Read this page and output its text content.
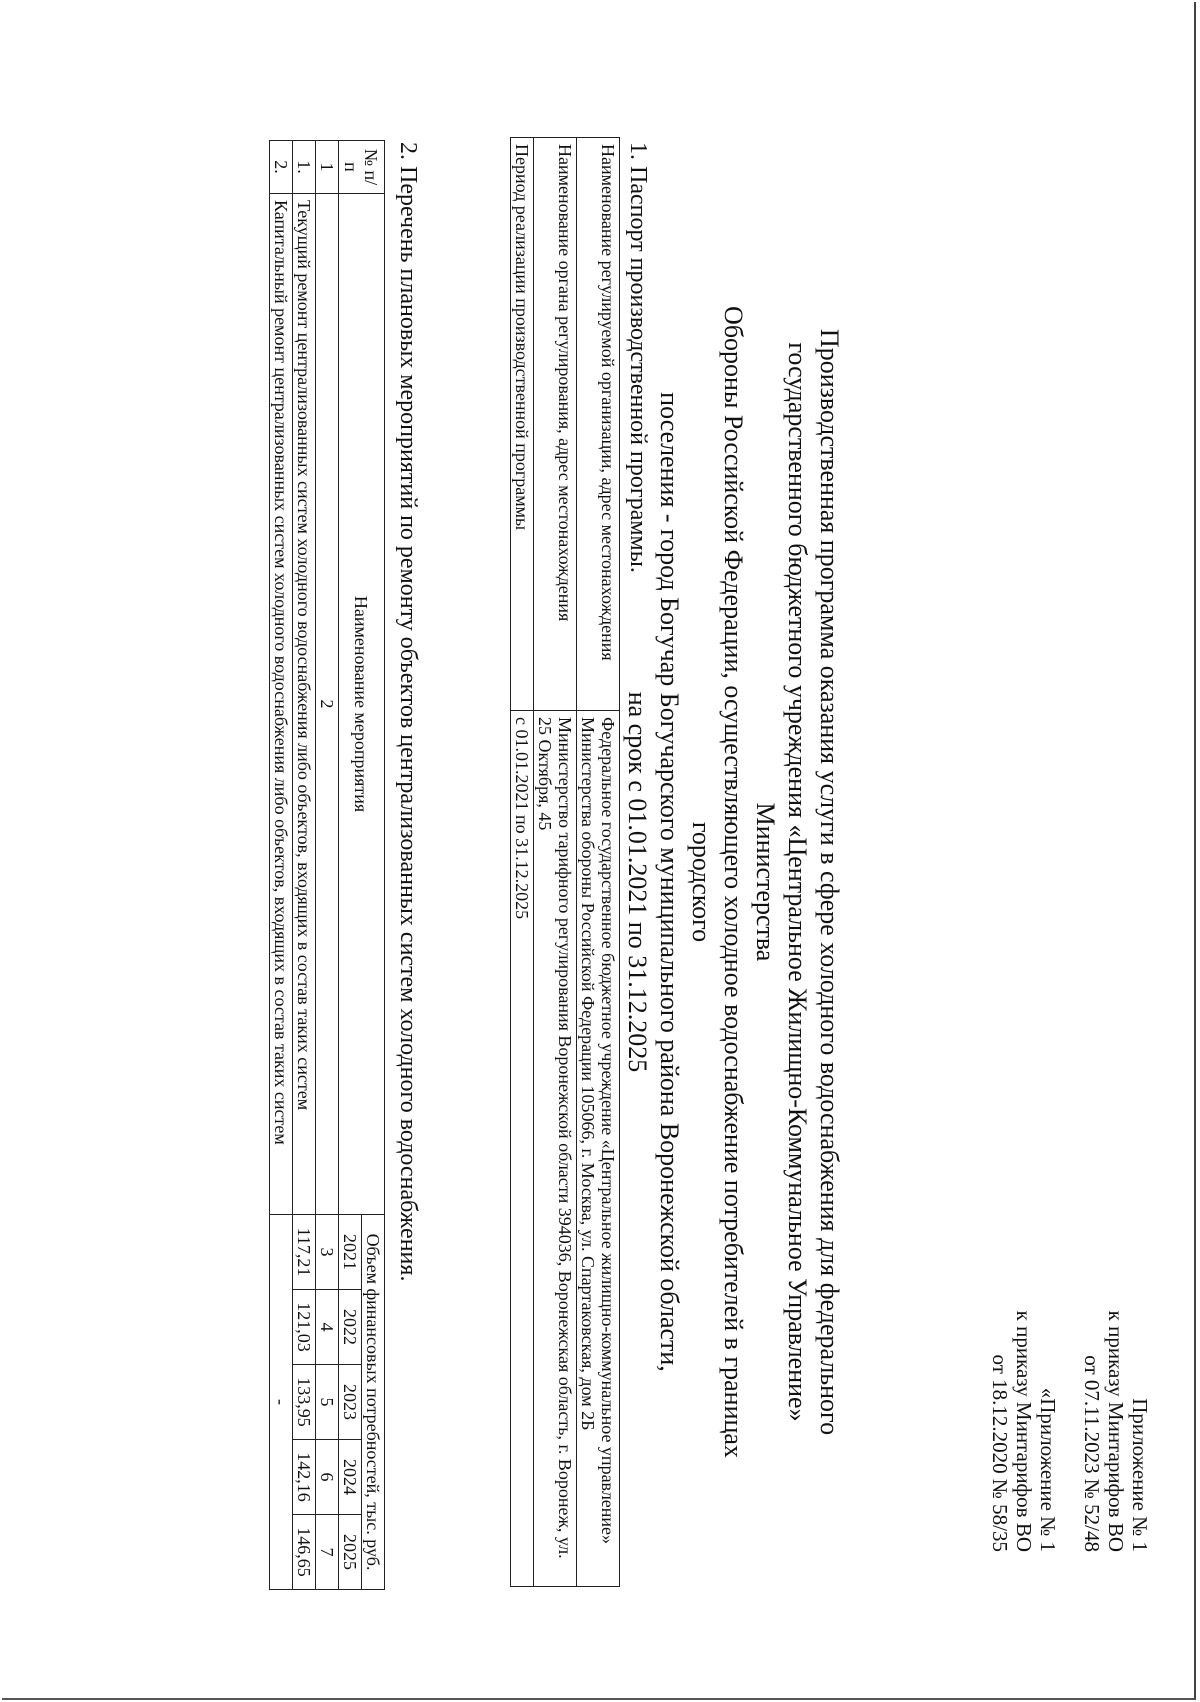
Приложение № 1
к приказу Минтарифов ВО
от 07.11.2023 № 52/48
«Приложение № 1
к приказу Минтарифов ВО
от 18.12.2020 № 58/35
Производственная программа оказания услуги в сфере холодного водоснабжения для федерального
государственного бюджетного учреждения «Центральное Жилищно-Коммунальное Управление» Министерства
Обороны Российской Федерации, осуществляющего холодное водоснабжение потребителей в границах городского
поселения - город Богучар Богучарского муниципального района Воронежской области,
на срок с 01.01.2021 по 31.12.2025
1. Паспорт производственной программы.
Наименование регулируемой организации, адрес местонахождения	Федеральное государственное бюджетное учреждение «Центральное жилищно-коммунальное управление» Министерства обороны Российской Федерации 105066, г. Москва, ул. Спартаковская, дом 2Б
Наименование органа регулирования, адрес местонахождения	Министерство тарифного регулирования Воронежской области 394036, Воронежская область, г. Воронеж, ул. 25 Октября, 45
Период реализации производственной программы	с 01.01.2021 по 31.12.2025
2. Перечень плановых мероприятий по ремонту объектов централизованных систем холодного водоснабжения.
№ п/п	Наименование мероприятия	Объем финансовых потребностей, тыс. руб.				
		2021	2022	2023	2024	2025
1	2	3	4	5	6	7
1.	Текущий ремонт централизованных систем холодного водоснабжения либо объектов, входящих в состав таких систем	117,21	121,03	133,95	142,16	146,65
2.	Капитальный ремонт централизованных систем холодного водоснабжения либо объектов, входящих в состав таких систем	-				
